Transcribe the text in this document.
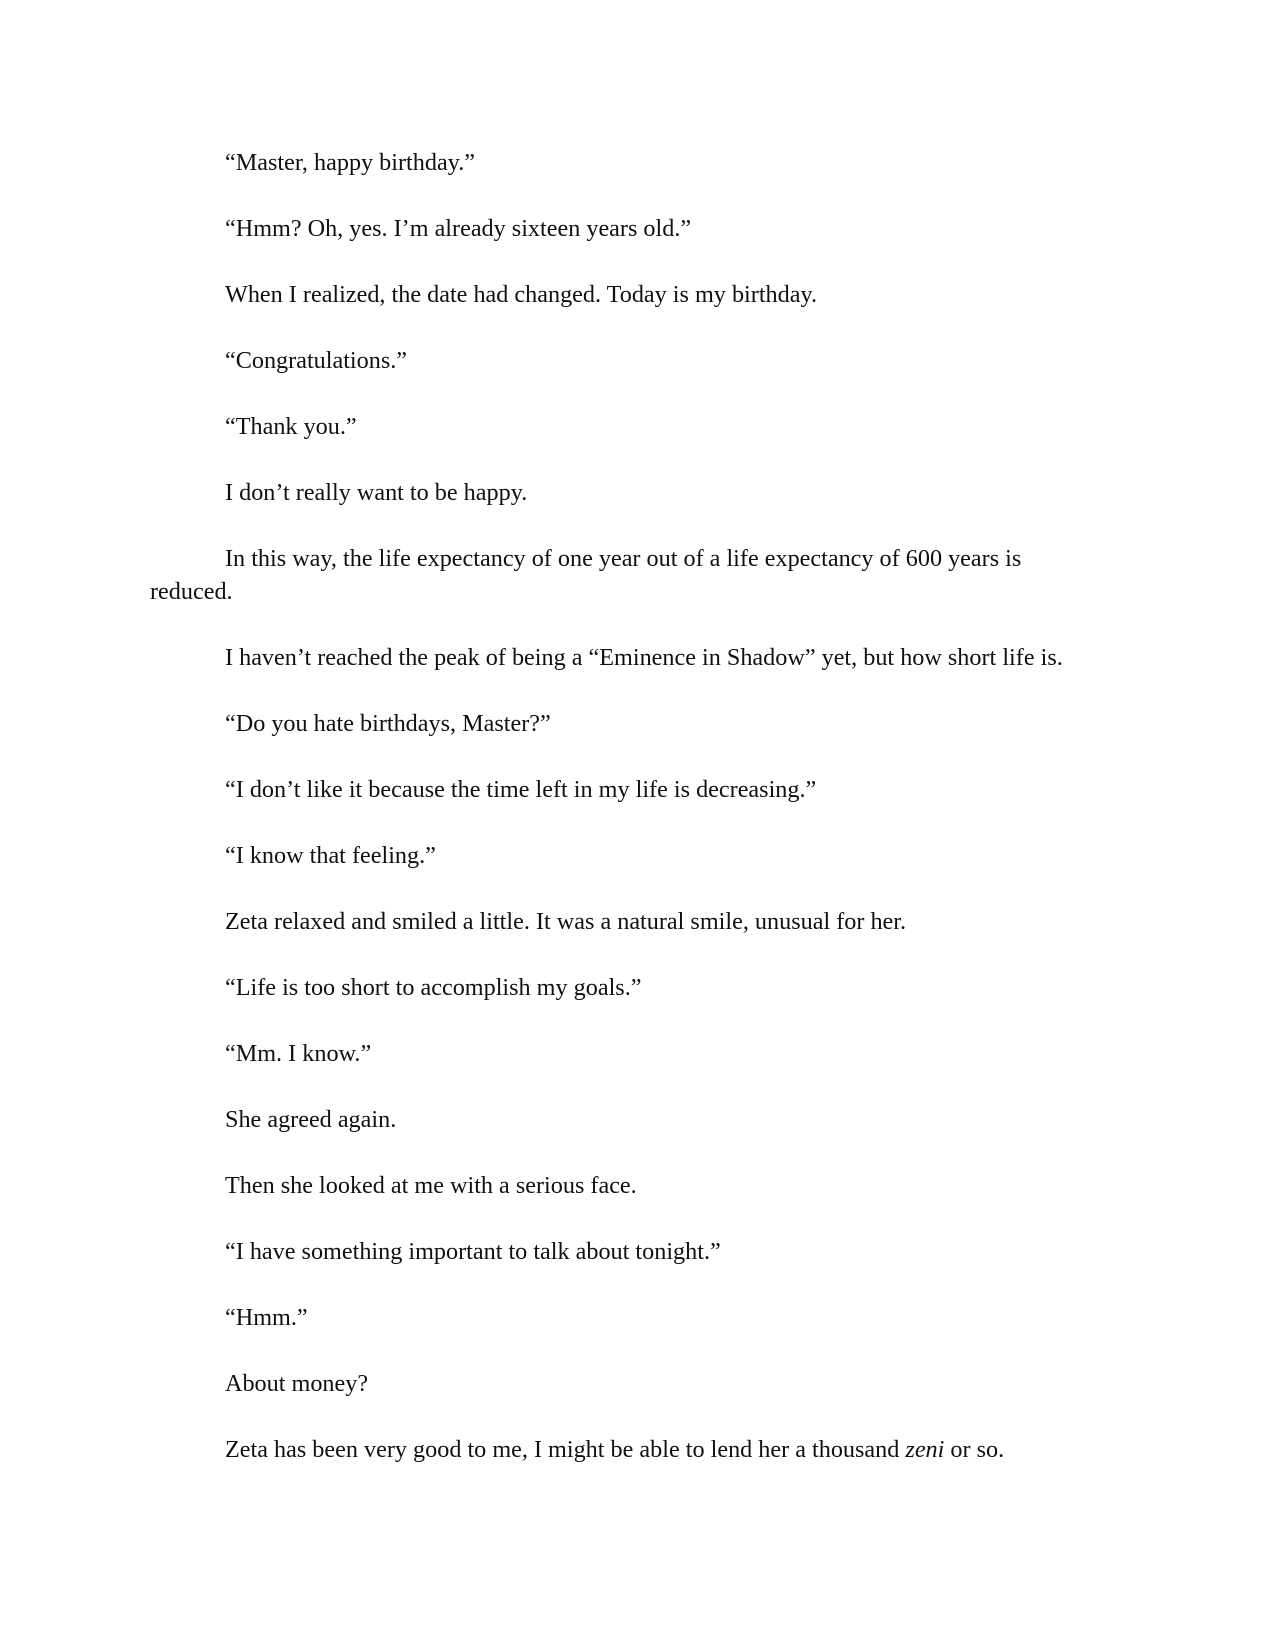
“Master, happy birthday.”

“Hmm? Oh, yes. I’m already sixteen years old.”

When I realized, the date had changed. Today is my birthday.

“Congratulations.”

“Thank you.”

I don’t really want to be happy.

In this way, the life expectancy of one year out of a life expectancy of 600 years is reduced.

I haven’t reached the peak of being a “Eminence in Shadow” yet, but how short life is.

“Do you hate birthdays, Master?”

“I don’t like it because the time left in my life is decreasing.”

“I know that feeling.”

Zeta relaxed and smiled a little. It was a natural smile, unusual for her.

“Life is too short to accomplish my goals.”

“Mm. I know.”

She agreed again.

Then she looked at me with a serious face.

“I have something important to talk about tonight.”

“Hmm.”

About money?

Zeta has been very good to me, I might be able to lend her a thousand zeni or so.
